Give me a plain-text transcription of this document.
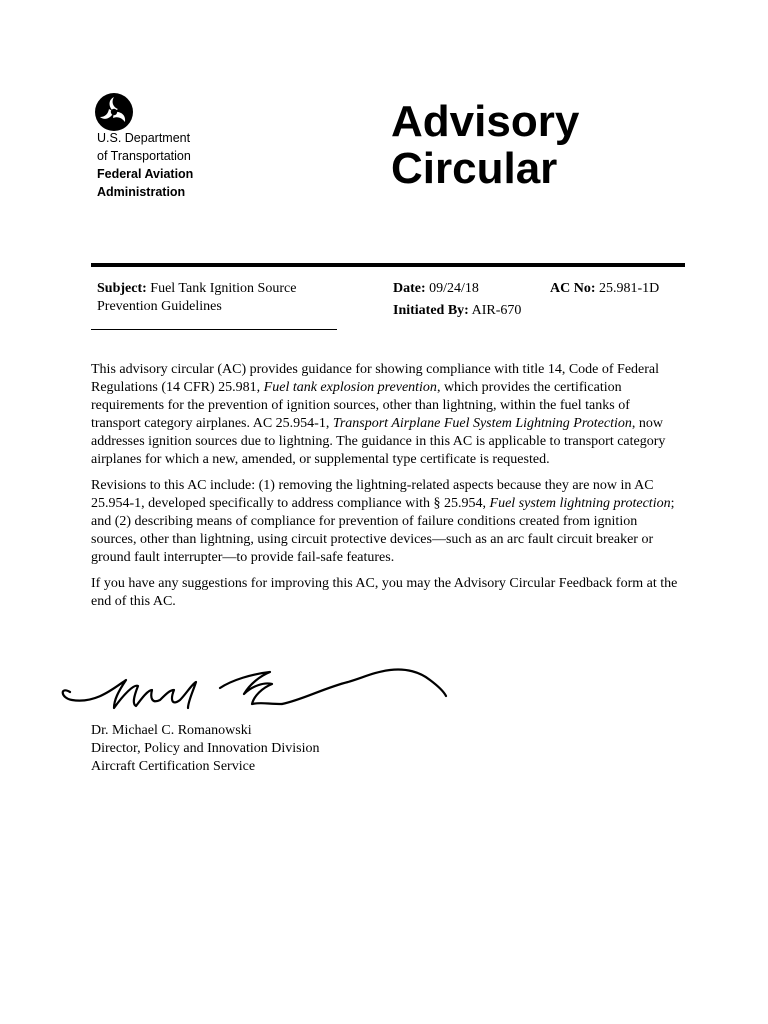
U.S. Department
of Transportation
Federal Aviation
Administration
Advisory
Circular
Subject: Fuel Tank Ignition Source Prevention Guidelines
Date: 09/24/18	AC No: 25.981-1D
Initiated By: AIR-670

This advisory circular (AC) provides guidance for showing compliance with title 14, Code of Federal Regulations (14 CFR) 25.981, Fuel tank explosion prevention, which provides the certification requirements for the prevention of ignition sources, other than lightning, within the fuel tanks of transport category airplanes. AC 25.954-1, Transport Airplane Fuel System Lightning Protection, now addresses ignition sources due to lightning. The guidance in this AC is applicable to transport category airplanes for which a new, amended, or supplemental type certificate is requested.

Revisions to this AC include: (1) removing the lightning-related aspects because they are now in AC 25.954-1, developed specifically to address compliance with § 25.954, Fuel system lightning protection; and (2) describing means of compliance for prevention of failure conditions created from ignition sources, other than lightning, using circuit protective devices—such as an arc fault circuit breaker or ground fault interrupter—to provide fail-safe features.

If you have any suggestions for improving this AC, you may the Advisory Circular Feedback form at the end of this AC.

Dr. Michael C. Romanowski
Director, Policy and Innovation Division
Aircraft Certification Service
